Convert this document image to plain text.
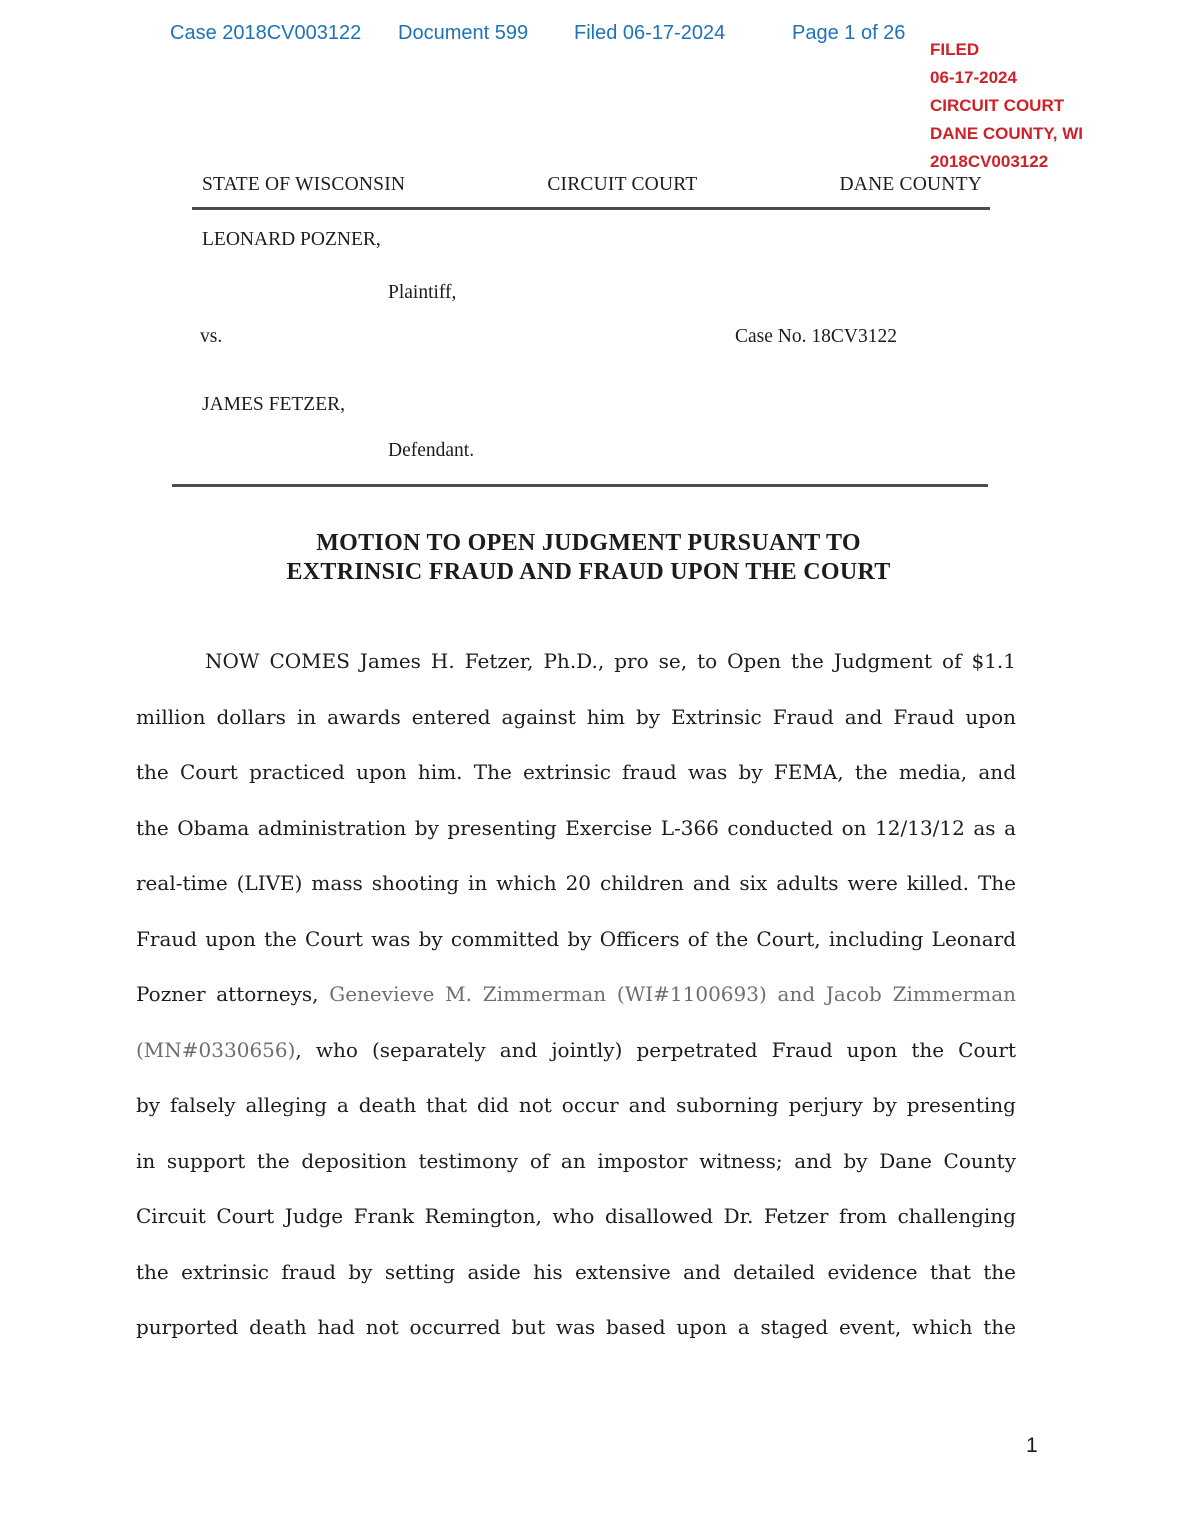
Case 2018CV003122 Document 599 Filed 06-17-2024	Page 1 of 26
FILED
06-17-2024
CIRCUIT COURT
DANE COUNTY, WI
2018CV003122
STATE OF WISCONSIN	CIRCUIT COURT	DANE COUNTY
LEONARD POZNER,
Plaintiff,
vs.	Case No. 18CV3122
JAMES FETZER,
Defendant.
MOTION TO OPEN JUDGMENT PURSUANT TO
EXTRINSIC FRAUD AND FRAUD UPON THE COURT
NOW COMES James H. Fetzer, Ph.D., pro se, to Open the Judgment of $1.1
million dollars in awards entered against him by Extrinsic Fraud and Fraud upon
the Court practiced upon him. The extrinsic fraud was by FEMA, the media, and
the Obama administration by presenting Exercise L-366 conducted on 12/13/12 as a
real-time (LIVE) mass shooting in which 20 children and six adults were killed. The
Fraud upon the Court was by committed by Officers of the Court, including Leonard
Pozner attorneys, Genevieve M. Zimmerman (WI#1100693) and Jacob Zimmerman
(MN#0330656), who (separately and jointly) perpetrated Fraud upon the Court
by falsely alleging a death that did not occur and suborning perjury by presenting
in support the deposition testimony of an impostor witness; and by Dane County
Circuit Court Judge Frank Remington, who disallowed Dr. Fetzer from challenging
the extrinsic fraud by setting aside his extensive and detailed evidence that the
purported death had not occurred but was based upon a staged event, which the
1
